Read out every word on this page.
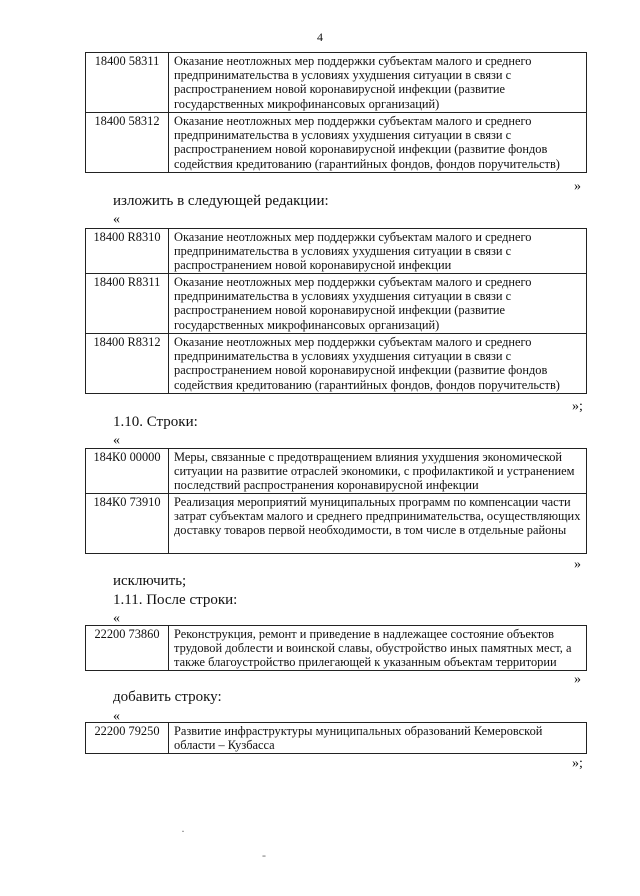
4
18400 58311	Оказание неотложных мер поддержки субъектам малого и среднего предпринимательства в условиях ухудшения ситуации в связи с распространением новой коронавирусной инфекции (развитие государственных микрофинансовых организаций)
18400 58312	Оказание неотложных мер поддержки субъектам малого и среднего предпринимательства в условиях ухудшения ситуации в связи с распространением новой коронавирусной инфекции (развитие фондов содействия кредитованию (гарантийных фондов, фондов поручительств)
»
изложить в следующей редакции:
«
18400 R8310	Оказание неотложных мер поддержки субъектам малого и среднего предпринимательства в условиях ухудшения ситуации в связи с распространением новой коронавирусной инфекции
18400 R8311	Оказание неотложных мер поддержки субъектам малого и среднего предпринимательства в условиях ухудшения ситуации в связи с распространением новой коронавирусной инфекции (развитие государственных микрофинансовых организаций)
18400 R8312	Оказание неотложных мер поддержки субъектам малого и среднего предпринимательства в условиях ухудшения ситуации в связи с распространением новой коронавирусной инфекции (развитие фондов содействия кредитованию (гарантийных фондов, фондов поручительств)
»;
1.10. Строки:
«
184К0 00000	Меры, связанные с предотвращением влияния ухудшения экономической ситуации на развитие отраслей экономики, с профилактикой и устранением последствий распространения коронавирусной инфекции
184К0 73910	Реализация мероприятий муниципальных программ по компенсации части затрат субъектам малого и среднего предпринимательства, осуществляющих доставку товаров первой необходимости, в том числе в отдельные районы
»
исключить;
1.11. После строки:
«
22200 73860	Реконструкция, ремонт и приведение в надлежащее состояние объектов трудовой доблести и воинской славы, обустройство иных памятных мест, а также благоустройство прилегающей к указанным объектам территории
»
добавить строку:
«
22200 79250	Развитие инфраструктуры муниципальных образований Кемеровской области – Кузбасса
»;
·
-
